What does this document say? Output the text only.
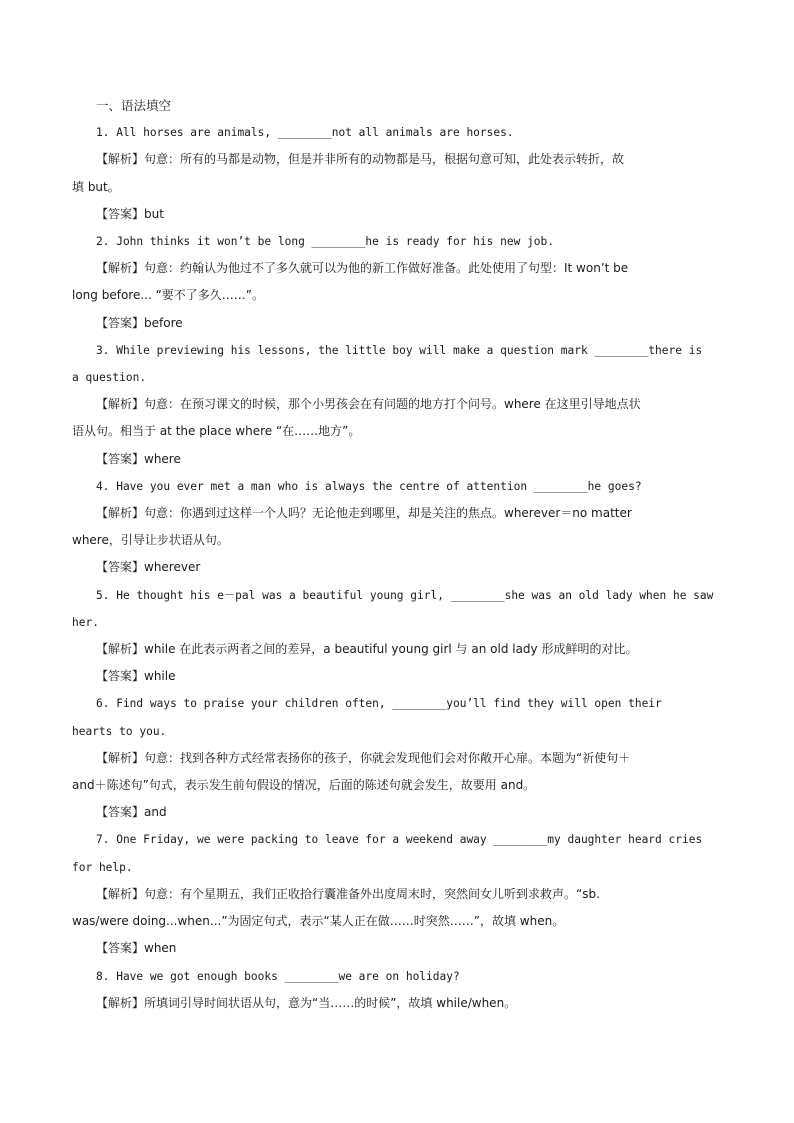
一、语法填空
1. All horses are animals, ________not all animals are horses.
【解析】句意：所有的马都是动物，但是并非所有的动物都是马，根据句意可知，此处表示转折，故
填 but。
【答案】but
2. John thinks it won’t be long ________he is ready for his new job.
【解析】句意：约翰认为他过不了多久就可以为他的新工作做好准备。此处使用了句型：It won’t be
long before... “要不了多久……”。
【答案】before
3. While previewing his lessons, the little boy will make a question mark ________there is
a question.
【解析】句意：在预习课文的时候，那个小男孩会在有问题的地方打个问号。where 在这里引导地点状
语从句。相当于 at the place where “在……地方”。
【答案】where
4. Have you ever met a man who is always the centre of attention ________he goes?
【解析】句意：你遇到过这样一个人吗？无论他走到哪里，却是关注的焦点。wherever＝no matter
where，引导让步状语从句。
【答案】wherever
5. He thought his e－pal was a beautiful young girl, ________she was an old lady when he saw
her.
【解析】while 在此表示两者之间的差异，a beautiful young girl 与 an old lady 形成鲜明的对比。
【答案】while
6. Find ways to praise your children often, ________you’ll find they will open their
hearts to you.
【解析】句意：找到各种方式经常表扬你的孩子，你就会发现他们会对你敞开心扉。本题为“祈使句＋
and＋陈述句”句式，表示发生前句假设的情况，后面的陈述句就会发生，故要用 and。
【答案】and
7. One Friday, we were packing to leave for a weekend away ________my daughter heard cries
for help.
【解析】句意：有个星期五，我们正收拾行囊准备外出度周末时，突然间女儿听到求救声。“sb.
was/were doing...when...”为固定句式，表示“某人正在做……时突然……”，故填 when。
【答案】when
8. Have we got enough books ________we are on holiday?
【解析】所填词引导时间状语从句，意为“当……的时候”，故填 while/when。
